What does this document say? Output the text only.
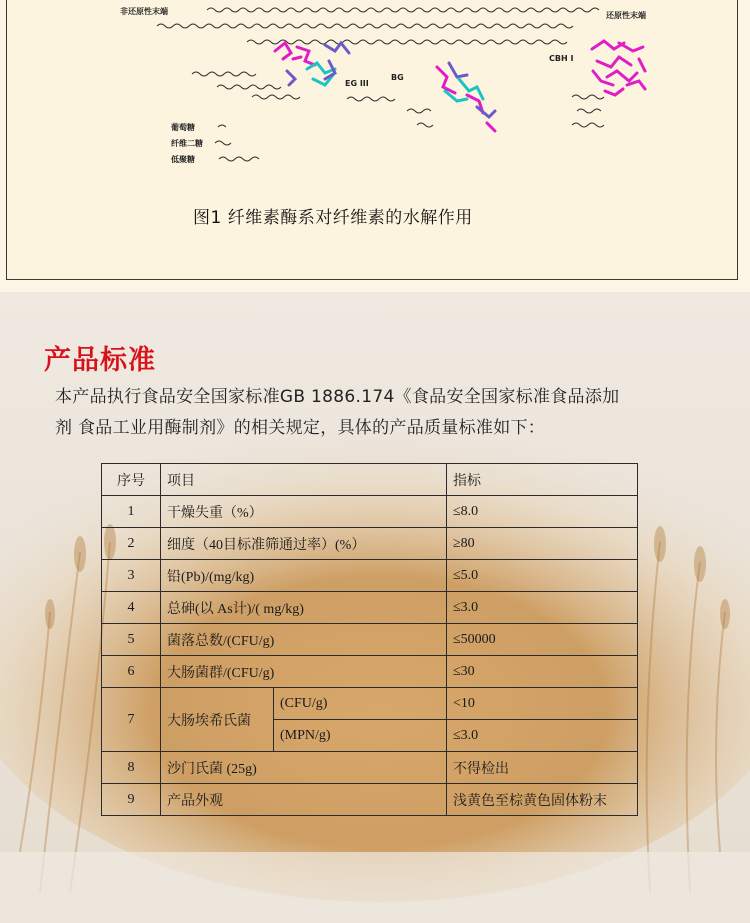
非还原性末端	还原性末端
EG III
BG
CBH I
葡萄糖
纤维二糖
低聚糖
图1 纤维素酶系对纤维素的水解作用
产品标准
本产品执行食品安全国家标准GB 1886.174《食品安全国家标准食品添加
剂 食品工业用酶制剂》的相关规定，具体的产品质量标准如下：
序号	项目		指标
1	干燥失重（%）		≤8.0
2	细度（40目标准筛通过率）(%）		≥80
3	铅(Pb)/(mg/kg)		≤5.0
4	总砷(以 As计)/( mg/kg)		≤3.0
5	菌落总数/(CFU/g)		≤50000
6	大肠菌群/(CFU/g)		≤30
7	大肠埃希氏菌	(CFU/g)	<10
		(MPN/g)	≤3.0
8	沙门氏菌 (25g)		不得检出
9	产品外观		浅黄色至棕黄色固体粉末
